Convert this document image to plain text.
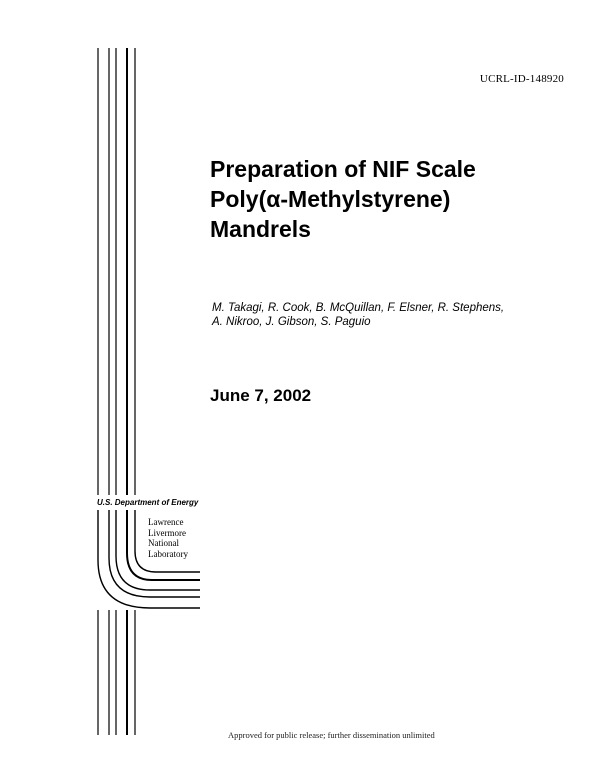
UCRL-ID-148920
Preparation of NIF Scale
Poly(α-Methylstyrene)
Mandrels
M. Takagi, R. Cook, B. McQuillan, F. Elsner, R. Stephens,
A. Nikroo, J. Gibson, S. Paguio
June 7, 2002
U.S. Department of Energy
Lawrence
Livermore
National
Laboratory
Approved for public release; further dissemination unlimited
